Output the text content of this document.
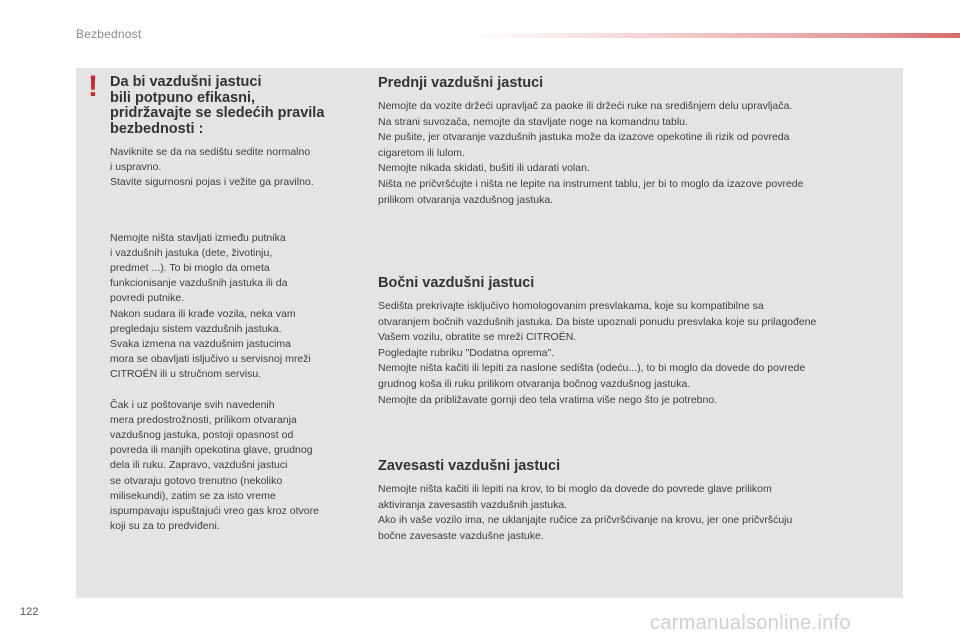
Bezbednost
! Da bi vazdušni jastuci
bili potpuno efikasni,
pridržavajte se sledećih pravila
bezbednosti :

Naviknite se da na sedištu sedite normalno
i uspravno.
Stavite sigurnosni pojas i vežite ga pravilno.

Nemojte ništa stavljati između putnika
i vazdušnih jastuka (dete, životinju,
predmet ...). To bi moglo da ometa
funkcionisanje vazdušnih jastuka ili da
povredi putnike.
Nakon sudara ili krađe vozila, neka vam
pregledaju sistem vazdušnih jastuka.
Svaka izmena na vazdušnim jastucima
mora se obavljati isljučivo u servisnoj mreži
CITROËN ili u stručnom servisu.

Čak i uz poštovanje svih navedenih
mera predostrožnosti, prilikom otvaranja
vazdušnog jastuka, postoji opasnost od
povreda ili manjih opekotina glave, grudnog
dela ili ruku. Zapravo, vazdušni jastuci
se otvaraju gotovo trenutno (nekoliko
milisekundi), zatim se za isto vreme
ispumpavaju ispuštajući vreo gas kroz otvore
koji su za to predviđeni.

Prednji vazdušni jastuci

Nemojte da vozite držeći upravljač za paoke ili držeći ruke na središnjem delu upravljača.
Na strani suvozača, nemojte da stavljate noge na komandnu tablu.
Ne pušite, jer otvaranje vazdušnih jastuka može da izazove opekotine ili rizik od povreda
cigaretom ili lulom.
Nemojte nikada skidati, bušiti ili udarati volan.
Ništa ne pričvršćujte i ništa ne lepite na instrument tablu, jer bi to moglo da izazove povrede
prilikom otvaranja vazdušnog jastuka.

Bočni vazdušni jastuci

Sedišta prekrivajte isključivo homologovanim presvlakama, koje su kompatibilne sa
otvaranjem bočnih vazdušnih jastuka. Da biste upoznali ponudu presvlaka koje su prilagođene
Vašem vozilu, obratite se mreži CITROËN.
Pogledajte rubriku "Dodatna oprema".
Nemojte ništa kačiti ili lepiti za naslone sedišta (odeću...), to bi moglo da dovede do povrede
grudnog koša ili ruku prilikom otvaranja bočnog vazdušnog jastuka.
Nemojte da približavate gornji deo tela vratima više nego što je potrebno.

Zavesasti vazdušni jastuci

Nemojte ništa kačiti ili lepiti na krov, to bi moglo da dovede do povrede glave prilikom
aktiviranja zavesastih vazdušnih jastuka.
Ako ih vaše vozilo ima, ne uklanjajte ručice za pričvršćivanje na krovu, jer one pričvršćuju
bočne zavesaste vazdušne jastuke.

122	carmanualsonline.info
